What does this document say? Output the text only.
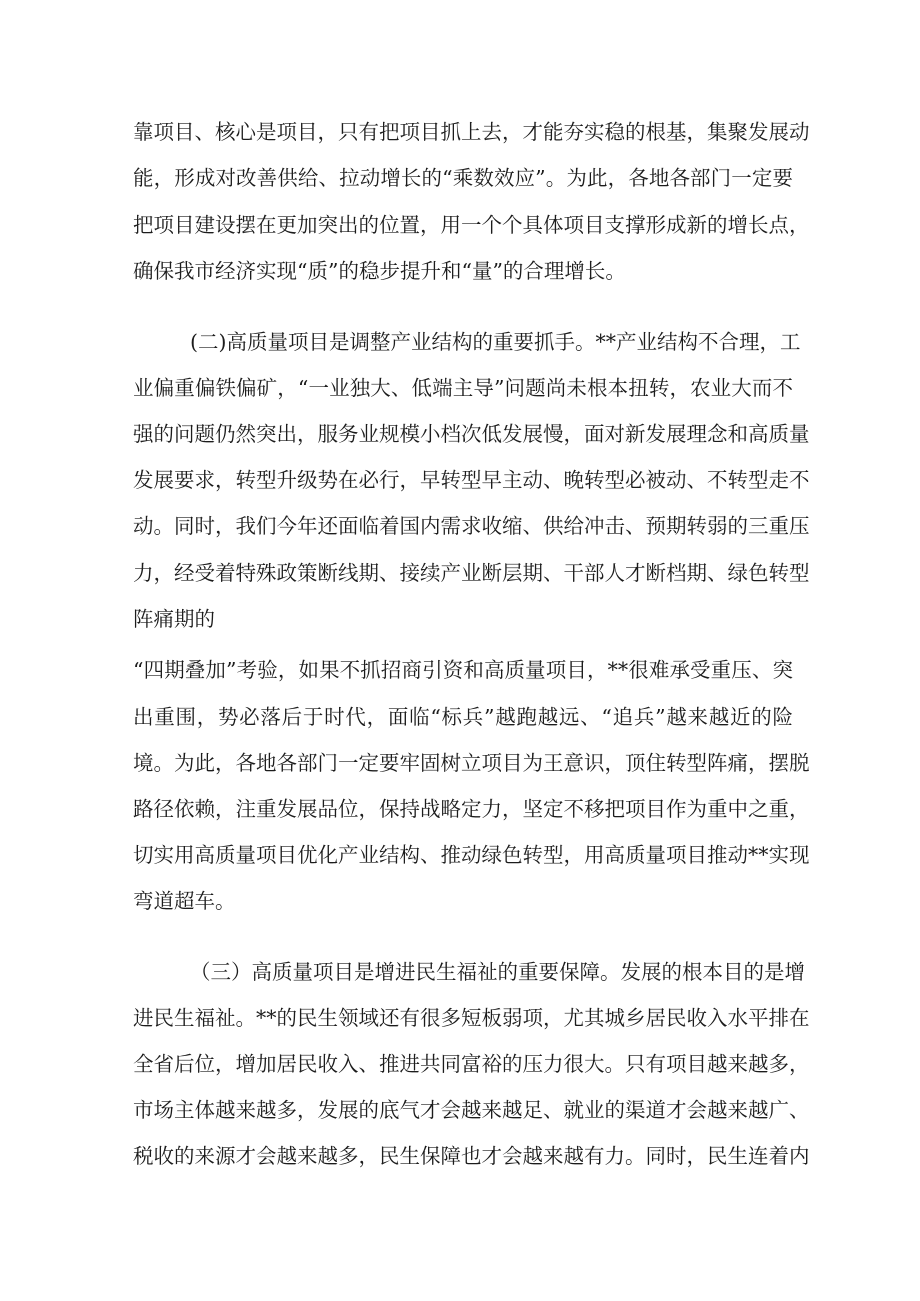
靠项目、核心是项目，只有把项目抓上去，才能夯实稳的根基，集聚发展动
能，形成对改善供给、拉动增长的“乘数效应”。为此，各地各部门一定要
把项目建设摆在更加突出的位置，用一个个具体项目支撑形成新的增长点，
确保我市经济实现“质”的稳步提升和“量”的合理增长。
(二)高质量项目是调整产业结构的重要抓手。**产业结构不合理，工
业偏重偏铁偏矿，“一业独大、低端主导”问题尚未根本扭转，农业大而不
强的问题仍然突出，服务业规模小档次低发展慢，面对新发展理念和高质量
发展要求，转型升级势在必行，早转型早主动、晚转型必被动、不转型走不
动。同时，我们今年还面临着国内需求收缩、供给冲击、预期转弱的三重压
力，经受着特殊政策断线期、接续产业断层期、干部人才断档期、绿色转型
阵痛期的
“四期叠加”考验，如果不抓招商引资和高质量项目，**很难承受重压、突
出重围，势必落后于时代，面临“标兵”越跑越远、“追兵”越来越近的险
境。为此，各地各部门一定要牢固树立项目为王意识，顶住转型阵痛，摆脱
路径依赖，注重发展品位，保持战略定力，坚定不移把项目作为重中之重，
切实用高质量项目优化产业结构、推动绿色转型，用高质量项目推动**实现
弯道超车。
（三）高质量项目是增进民生福祉的重要保障。发展的根本目的是增
进民生福祉。**的民生领域还有很多短板弱项，尤其城乡居民收入水平排在
全省后位，增加居民收入、推进共同富裕的压力很大。只有项目越来越多，
市场主体越来越多，发展的底气才会越来越足、就业的渠道才会越来越广、
税收的来源才会越来越多，民生保障也才会越来越有力。同时，民生连着内
